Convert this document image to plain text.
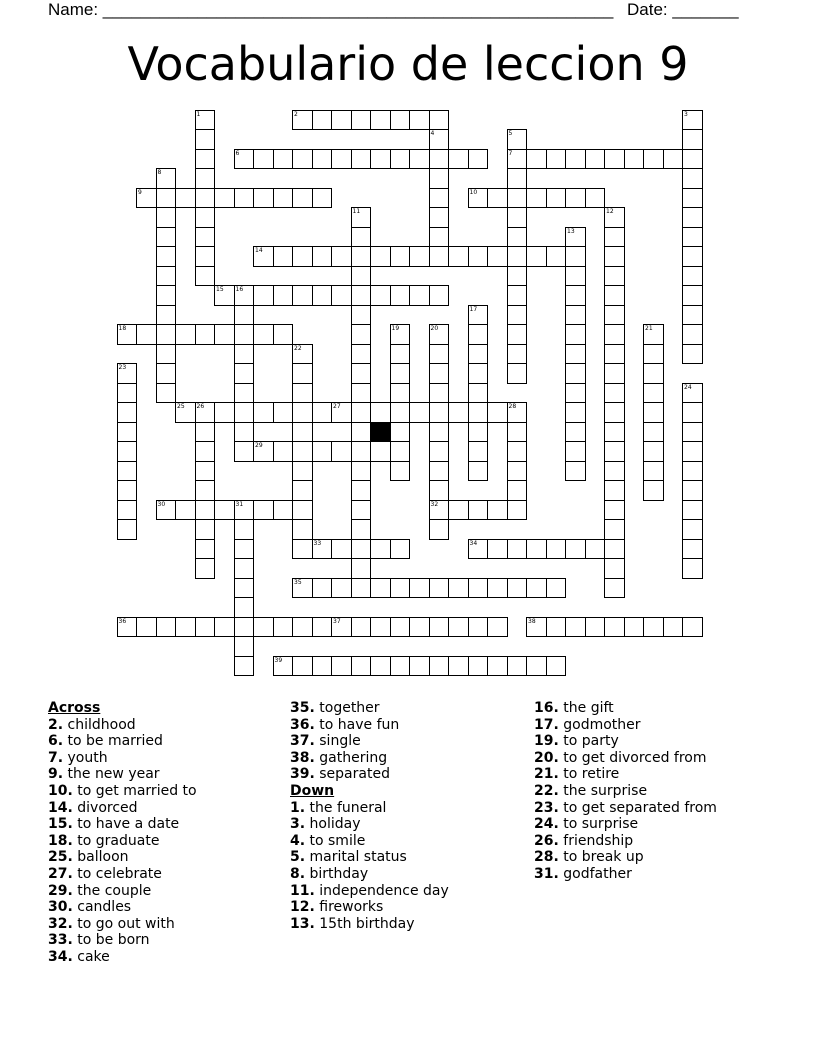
Name: ______________________________________________________ Date: _______
Vocabulario de leccion 9
2
6	7
9	10
14
15
18
25	27
29
30	32
33	34
35
36	37	38
39
1	3
4	5
8
11	12
13
16
17
19	20	21
22
23
24
26	28
31
Across
2. childhood
6. to be married
7. youth
9. the new year
10. to get married to
14. divorced
15. to have a date
18. to graduate
25. balloon
27. to celebrate
29. the couple
30. candles
32. to go out with
33. to be born
34. cake
35. together
36. to have fun
37. single
38. gathering
39. separated
Down
1. the funeral
3. holiday
4. to smile
5. marital status
8. birthday
11. independence day
12. fireworks
13. 15th birthday
16. the gift
17. godmother
19. to party
20. to get divorced from
21. to retire
22. the surprise
23. to get separated from
24. to surprise
26. friendship
28. to break up
31. godfather
